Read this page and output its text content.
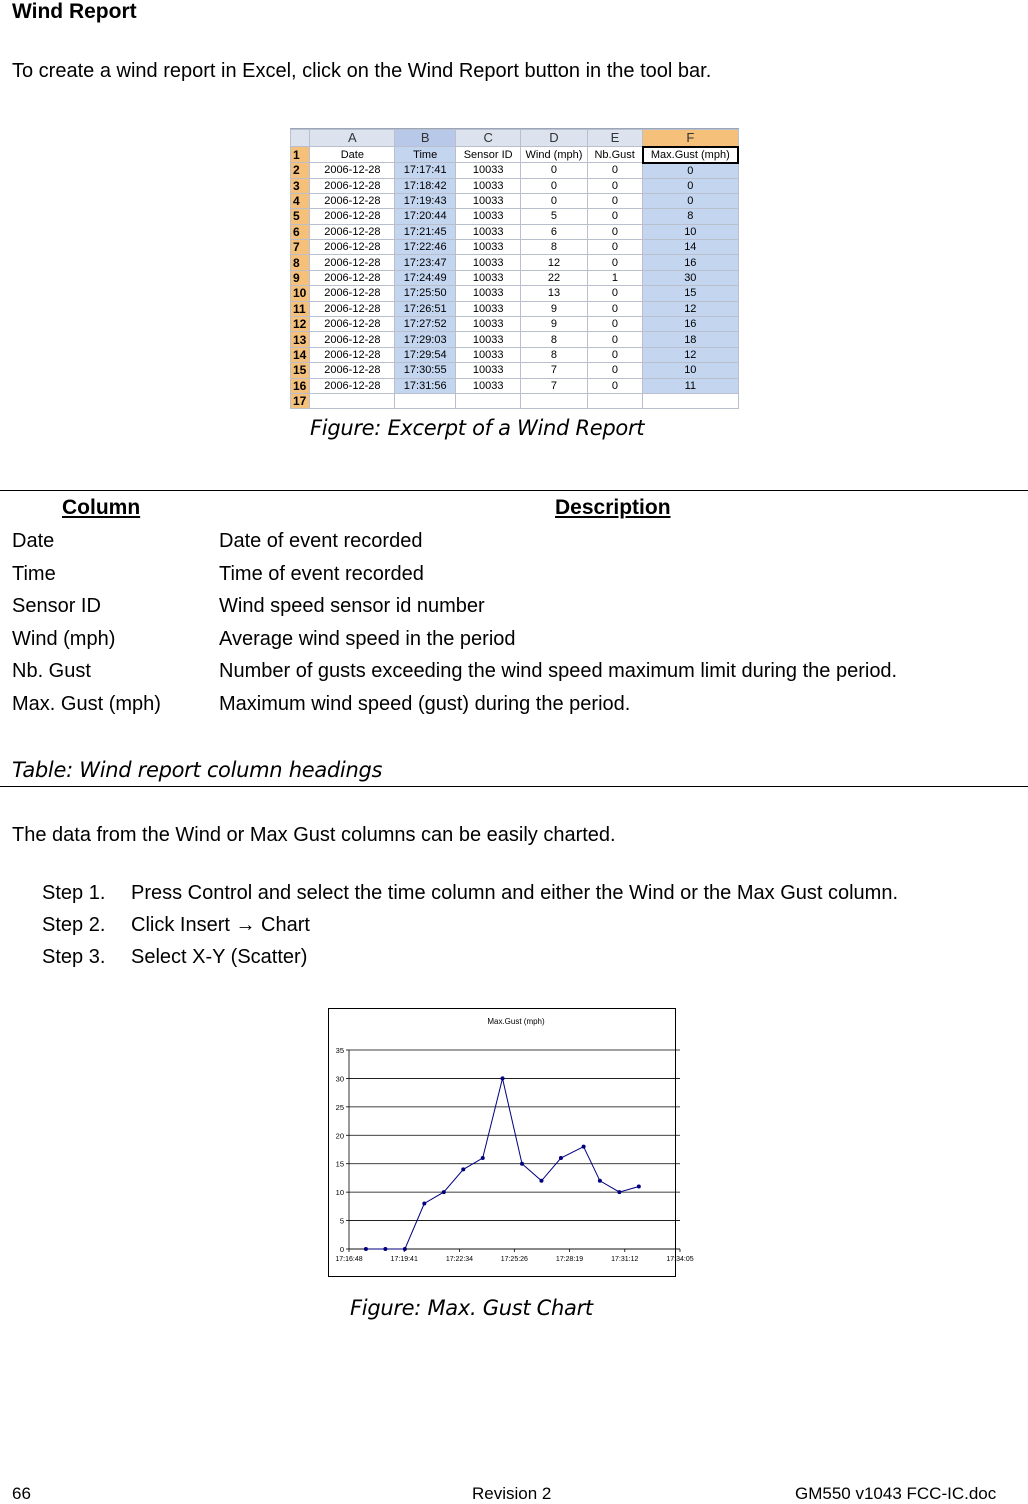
Wind Report
To create a wind report in Excel, click on the Wind Report button in the tool bar.
	A	B	C	D	E	F
1	Date	Time	Sensor ID	Wind (mph)	Nb.Gust	Max.Gust (mph)
2	2006-12-28	17:17:41	10033	0	0	0
3	2006-12-28	17:18:42	10033	0	0	0
4	2006-12-28	17:19:43	10033	0	0	0
5	2006-12-28	17:20:44	10033	5	0	8
6	2006-12-28	17:21:45	10033	6	0	10
7	2006-12-28	17:22:46	10033	8	0	14
8	2006-12-28	17:23:47	10033	12	0	16
9	2006-12-28	17:24:49	10033	22	1	30
10	2006-12-28	17:25:50	10033	13	0	15
11	2006-12-28	17:26:51	10033	9	0	12
12	2006-12-28	17:27:52	10033	9	0	16
13	2006-12-28	17:29:03	10033	8	0	18
14	2006-12-28	17:29:54	10033	8	0	12
15	2006-12-28	17:30:55	10033	7	0	10
16	2006-12-28	17:31:56	10033	7	0	11
17						
Figure: Excerpt of a Wind Report
Column	Description
Date	Date of event recorded
Time	Time of event recorded
Sensor ID	Wind speed sensor id number
Wind (mph)	Average wind speed in the period
Nb. Gust	Number of gusts exceeding the wind speed maximum limit during the period.
Max. Gust (mph)	Maximum wind speed (gust) during the period.
Table: Wind report column headings
The data from the Wind or Max Gust columns can be easily charted.
Step 1. Press Control and select the time column and either the Wind or the Max Gust column.
Step 2. Click Insert → Chart
Step 3. Select X-Y (Scatter)
Max.Gust (mph)
0
5
10
15
20
25
30
35
17:16:48	17:19:41	17:22:34	17:25:26	17:28:19	17:31:12	17:34:05
Figure: Max. Gust Chart
66	Revision 2	GM550 v1043 FCC-IC.doc
